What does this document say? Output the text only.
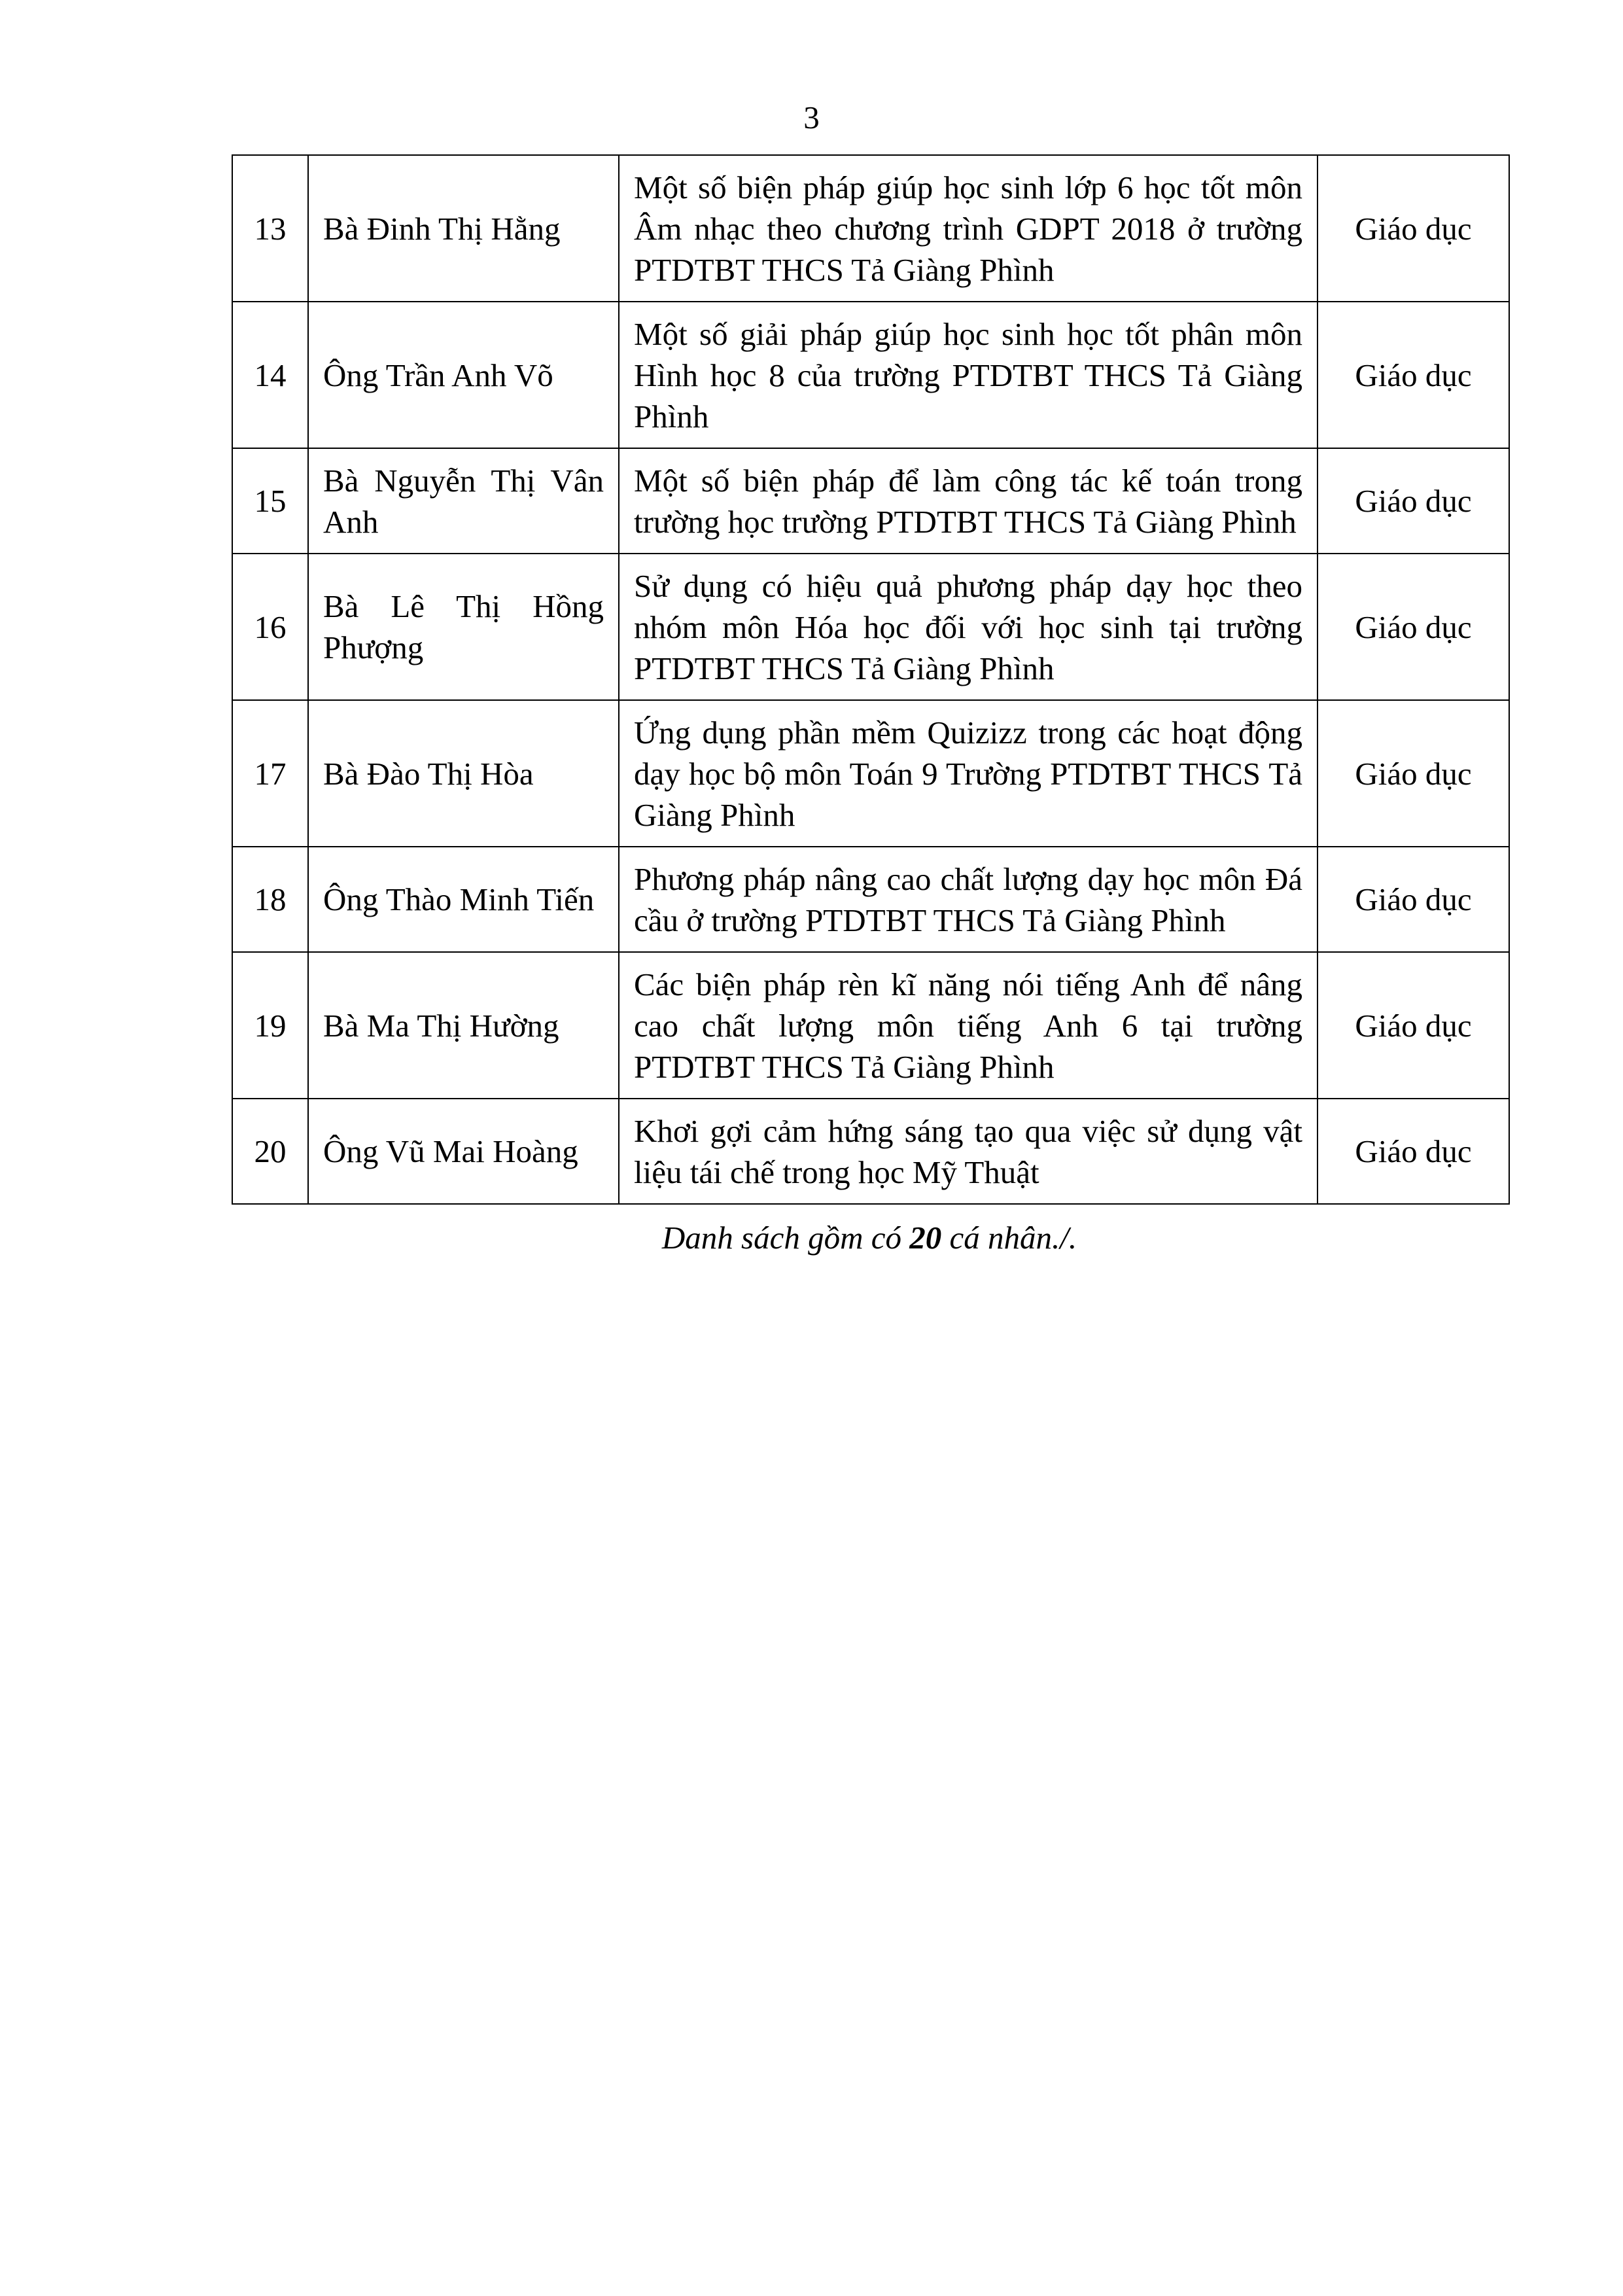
3
13	Bà Đinh Thị Hằng	Một số biện pháp giúp học sinh lớp 6 học tốt môn Âm nhạc theo chương trình GDPT 2018 ở trường PTDTBT THCS Tả Giàng Phình	Giáo dục
14	Ông Trần Anh Võ	Một số giải pháp giúp học sinh học tốt phân môn Hình học 8 của trường PTDTBT THCS Tả Giàng Phình	Giáo dục
15	Bà Nguyễn Thị Vân Anh	Một số biện pháp để làm công tác kế toán trong trường học trường PTDTBT THCS Tả Giàng Phình	Giáo dục
16	Bà Lê Thị Hồng Phượng	Sử dụng có hiệu quả phương pháp dạy học theo nhóm môn Hóa học đối với học sinh tại trường PTDTBT THCS Tả Giàng Phình	Giáo dục
17	Bà Đào Thị Hòa	Ứng dụng phần mềm Quizizz trong các hoạt động dạy học bộ môn Toán 9 Trường PTDTBT THCS Tả Giàng Phình	Giáo dục
18	Ông Thào Minh Tiến	Phương pháp nâng cao chất lượng dạy học môn Đá cầu ở trường PTDTBT THCS Tả Giàng Phình	Giáo dục
19	Bà Ma Thị Hường	Các biện pháp rèn kĩ năng nói tiếng Anh để nâng cao chất lượng môn tiếng Anh 6 tại trường PTDTBT THCS Tả Giàng Phình	Giáo dục
20	Ông Vũ Mai Hoàng	Khơi gợi cảm hứng sáng tạo qua việc sử dụng vật liệu tái chế trong học Mỹ Thuật	Giáo dục
Danh sách gồm có 20 cá nhân./.
